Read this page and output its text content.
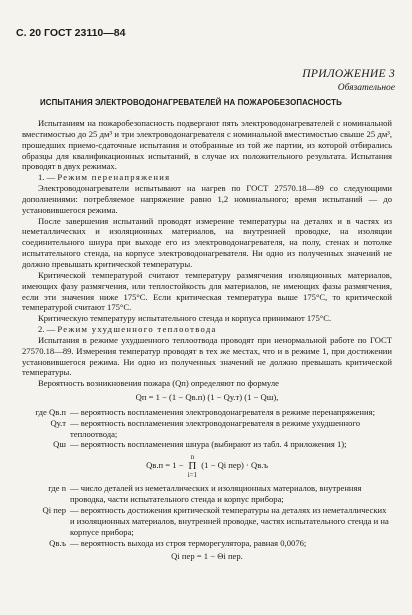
С. 20 ГОСТ 23110—84
ПРИЛОЖЕНИЕ 3
Обязательное
ИСПЫТАНИЯ ЭЛЕКТРОВОДОНАГРЕВАТЕЛЕЙ НА ПОЖАРОБЕЗОПАСНОСТЬ

Испытаниям на пожаробезопасность подвергают пять электроводонагревателей с номинальной вместимостью до 25 дм³ и три электроводонагревателя с номинальной вместимостью свыше 25 дм³, прошедших приемо-сдаточные испытания и отобранные из той же партии, из которой отбирались образцы для квалификационных испытаний, в случае их положительного результата. Испытания проводят в двух режимах.

1. — Режим перенапряжения

Электроводонагреватели испытывают на нагрев по ГОСТ 27570.18—89 со следующими дополнениями: потребляемое напряжение равно 1,2 номинального; время испытаний — до установившегося режима.

После завершения испытаний проводят измерение температуры на деталях и в частях из неметаллических и изоляционных материалов, на внутренней проводке, на изоляции соединительного шнура при выходе его из электроводонагревателя, на полу, стенах и потолке испытательного стенда, на корпусе электроводонагревателя. Ни одно из полученных значений не должно превышать критической температуры.

Критической температурой считают температуру размягчения изоляционных материалов, имеющих фазу размягчения, или теплостойкость для материалов, не имеющих фазы размягчения, если эти значения ниже 175°С. Если критическая температура выше 175°С, то критической температурой считают 175°С.

Критическую температуру испытательного стенда и корпуса принимают 175°С.

2. — Режим ухудшенного теплоотвода

Испытания в режиме ухудшенного теплоотвода проводят при ненормальной работе по ГОСТ 27570.18—89. Измерения температур проводят в тех же местах, что и в режиме 1, при достижении установившегося режима. Ни одно из полученных значений не должно превышать критической температуры.

Вероятность возникновения пожара (Qп) определяют по формуле

Qп = 1 − (1 − Qв.п) (1 − Qу.т) (1 − Qш),
где Qв.п — вероятность воспламенения электроводонагревателя в режиме перенапряжения;
Qу.т — вероятность воспламенения электроводонагревателя в режиме ухудшенного теплоотвода;
Qш — вероятность воспламенения шнура (выбирают из табл. 4 приложения 1);
Qв.п = 1 − n
Π
i=1 (1 − Qi пер) · Qв.ъ
где n — число деталей из неметаллических и изоляционных материалов, внутренняя проводка, части испытательного стенда и корпус прибора;
Qi пер — вероятность достижения критической температуры на деталях из неметаллических и изоляционных материалов, внутренней проводке, частях испытательного стенда и на корпусе прибора;
Qв.ъ — вероятность выхода из строя терморегулятора, равная 0,0076;
Qi пер = 1 − Θi пер.
